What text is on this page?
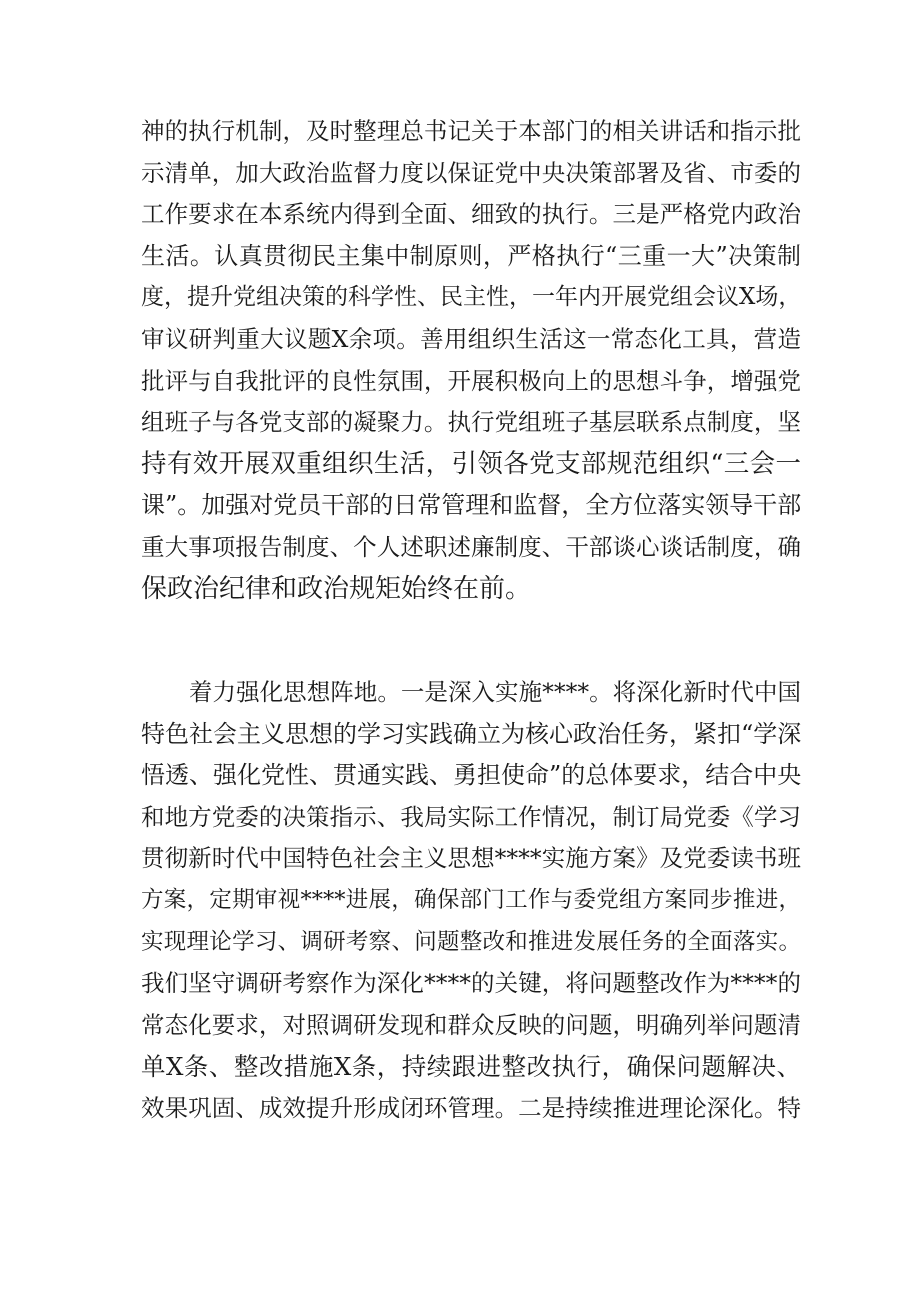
神的执行机制，及时整理总书记关于本部门的相关讲话和指示批
示清单，加大政治监督力度以保证党中央决策部署及省、市委的
工作要求在本系统内得到全面、细致的执行。三是严格党内政治
生活。认真贯彻民主集中制原则，严格执行“三重一大”决策制
度，提升党组决策的科学性、民主性，一年内开展党组会议X场，
审议研判重大议题X余项。善用组织生活这一常态化工具，营造
批评与自我批评的良性氛围，开展积极向上的思想斗争，增强党
组班子与各党支部的凝聚力。执行党组班子基层联系点制度，坚
持有效开展双重组织生活，引领各党支部规范组织“三会一
课”。加强对党员干部的日常管理和监督，全方位落实领导干部
重大事项报告制度、个人述职述廉制度、干部谈心谈话制度，确
保政治纪律和政治规矩始终在前。

着力强化思想阵地。一是深入实施****。将深化新时代中国
特色社会主义思想的学习实践确立为核心政治任务，紧扣“学深
悟透、强化党性、贯通实践、勇担使命”的总体要求，结合中央
和地方党委的决策指示、我局实际工作情况，制订局党委《学习
贯彻新时代中国特色社会主义思想****实施方案》及党委读书班
方案，定期审视****进展，确保部门工作与委党组方案同步推进，
实现理论学习、调研考察、问题整改和推进发展任务的全面落实。
我们坚守调研考察作为深化****的关键，将问题整改作为****的
常态化要求，对照调研发现和群众反映的问题，明确列举问题清
单X条、整改措施X条，持续跟进整改执行，确保问题解决、
效果巩固、成效提升形成闭环管理。二是持续推进理论深化。特
